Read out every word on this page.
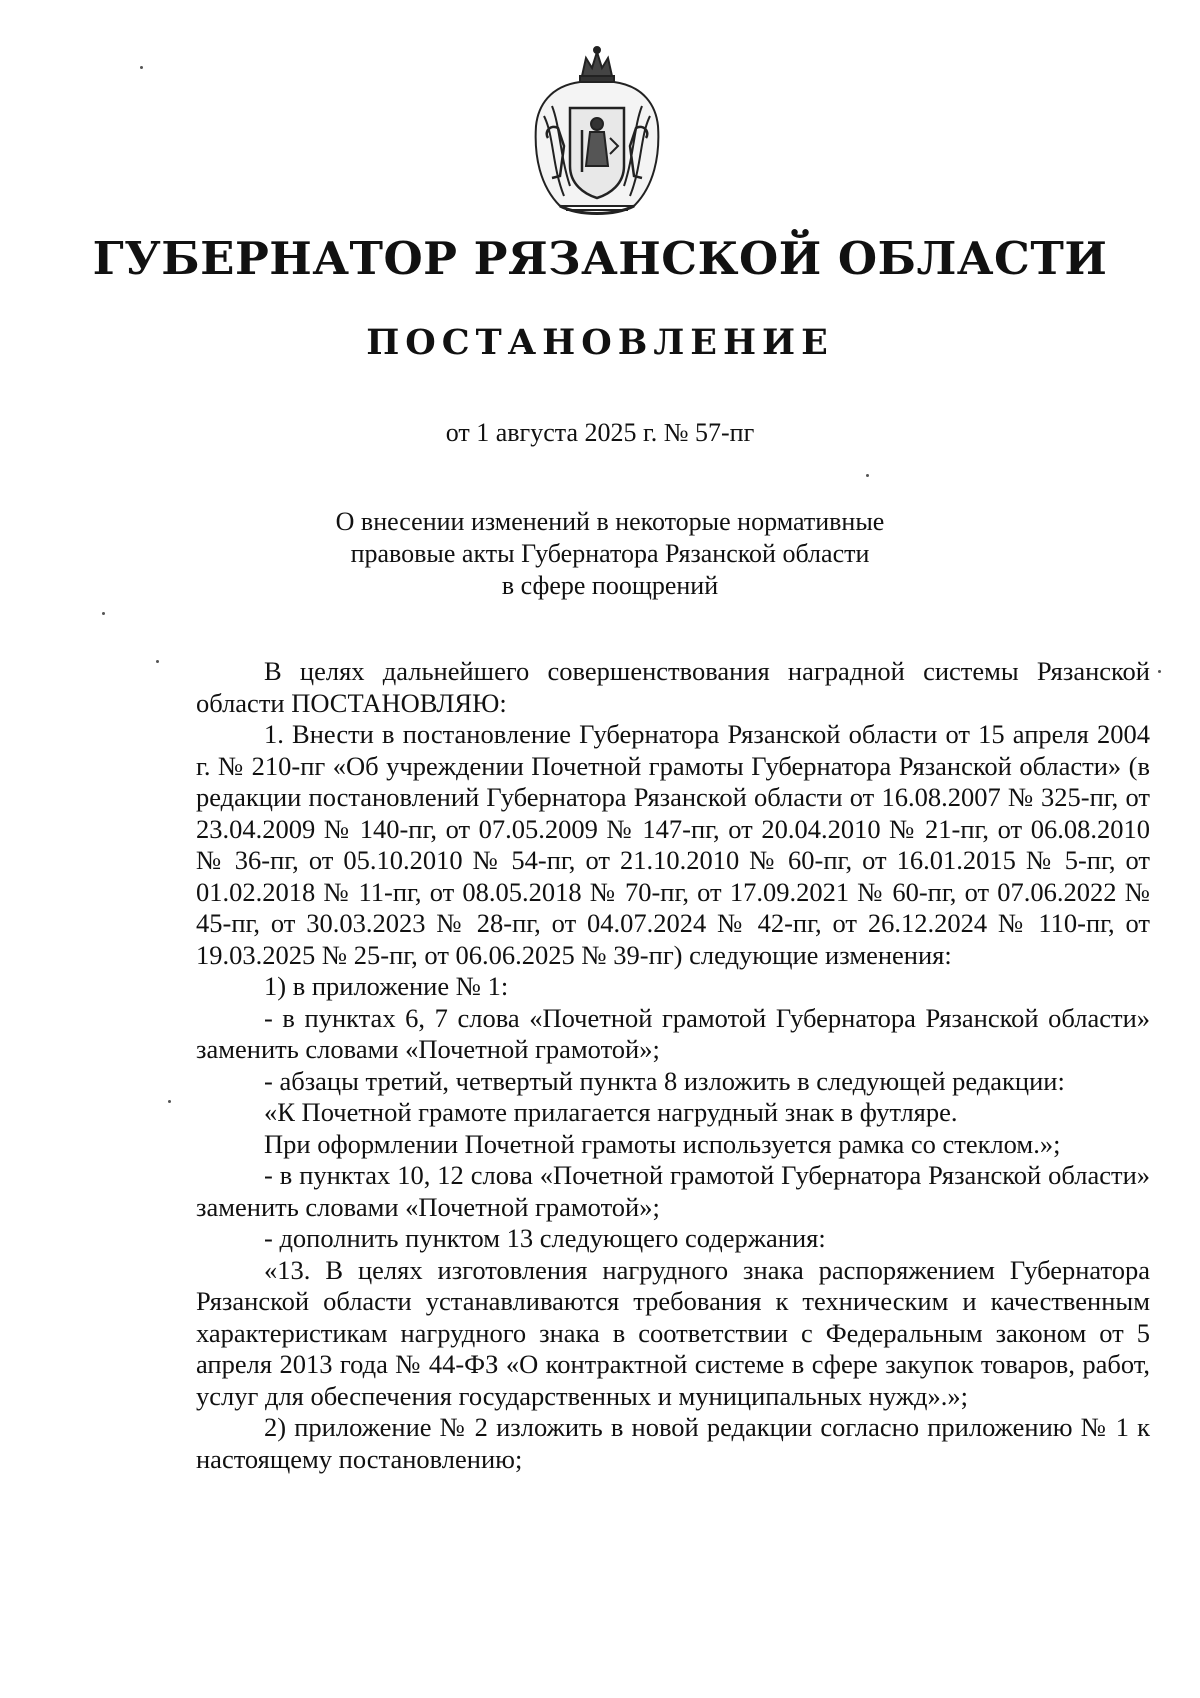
ГУБЕРНАТОР РЯЗАНСКОЙ ОБЛАСТИ
ПОСТАНОВЛЕНИЕ

от 1 августа 2025 г. № 57-пг

О внесении изменений в некоторые нормативные
правовые акты Губернатора Рязанской области
в сфере поощрений

В целях дальнейшего совершенствования наградной системы Рязанской области ПОСТАНОВЛЯЮ:

1. Внести в постановление Губернатора Рязанской области от 15 апреля 2004 г. № 210-пг «Об учреждении Почетной грамоты Губернатора Рязанской области» (в редакции постановлений Губернатора Рязанской области от 16.08.2007 № 325-пг, от 23.04.2009 № 140-пг, от 07.05.2009 № 147-пг, от 20.04.2010 № 21-пг, от 06.08.2010 № 36-пг, от 05.10.2010 № 54-пг, от 21.10.2010 № 60-пг, от 16.01.2015 № 5-пг, от 01.02.2018 № 11-пг, от 08.05.2018 № 70-пг, от 17.09.2021 № 60-пг, от 07.06.2022 № 45-пг, от 30.03.2023 № 28-пг, от 04.07.2024 № 42-пг, от 26.12.2024 № 110-пг, от 19.03.2025 № 25-пг, от 06.06.2025 № 39-пг) следующие изменения:

1) в приложение № 1:

- в пунктах 6, 7 слова «Почетной грамотой Губернатора Рязанской области» заменить словами «Почетной грамотой»;

- абзацы третий, четвертый пункта 8 изложить в следующей редакции:

«К Почетной грамоте прилагается нагрудный знак в футляре.

При оформлении Почетной грамоты используется рамка со стеклом.»;

- в пунктах 10, 12 слова «Почетной грамотой Губернатора Рязанской области» заменить словами «Почетной грамотой»;

- дополнить пунктом 13 следующего содержания:

«13. В целях изготовления нагрудного знака распоряжением Губернатора Рязанской области устанавливаются требования к техническим и качественным характеристикам нагрудного знака в соответствии с Федеральным законом от 5 апреля 2013 года № 44-ФЗ «О контрактной системе в сфере закупок товаров, работ, услуг для обеспечения государственных и муниципальных нужд».»;

2) приложение № 2 изложить в новой редакции согласно приложению № 1 к настоящему постановлению;
